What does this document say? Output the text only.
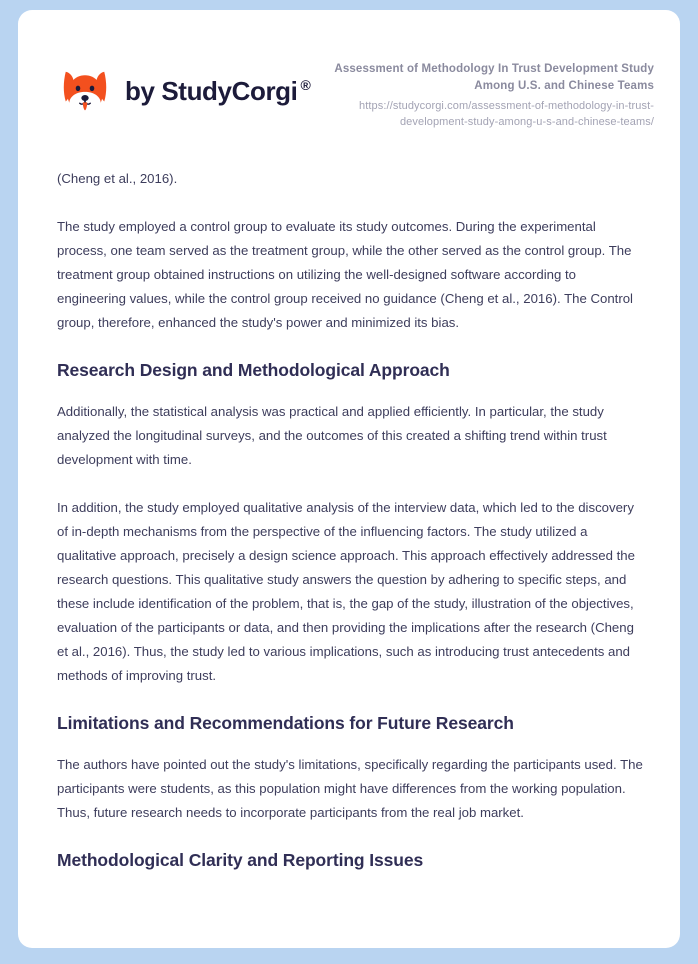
by StudyCorgi ®
Assessment of Methodology In Trust Development Study Among U.S. and Chinese Teams
https://studycorgi.com/assessment-of-methodology-in-trust-development-study-among-u-s-and-chinese-teams/

(Cheng et al., 2016).

The study employed a control group to evaluate its study outcomes. During the experimental process, one team served as the treatment group, while the other served as the control group. The treatment group obtained instructions on utilizing the well-designed software according to engineering values, while the control group received no guidance (Cheng et al., 2016). The Control group, therefore, enhanced the study's power and minimized its bias.

Research Design and Methodological Approach

Additionally, the statistical analysis was practical and applied efficiently. In particular, the study analyzed the longitudinal surveys, and the outcomes of this created a shifting trend within trust development with time.

In addition, the study employed qualitative analysis of the interview data, which led to the discovery of in-depth mechanisms from the perspective of the influencing factors. The study utilized a qualitative approach, precisely a design science approach. This approach effectively addressed the research questions. This qualitative study answers the question by adhering to specific steps, and these include identification of the problem, that is, the gap of the study, illustration of the objectives, evaluation of the participants or data, and then providing the implications after the research (Cheng et al., 2016). Thus, the study led to various implications, such as introducing trust antecedents and methods of improving trust.

Limitations and Recommendations for Future Research

The authors have pointed out the study's limitations, specifically regarding the participants used. The participants were students, as this population might have differences from the working population. Thus, future research needs to incorporate participants from the real job market.

Methodological Clarity and Reporting Issues
